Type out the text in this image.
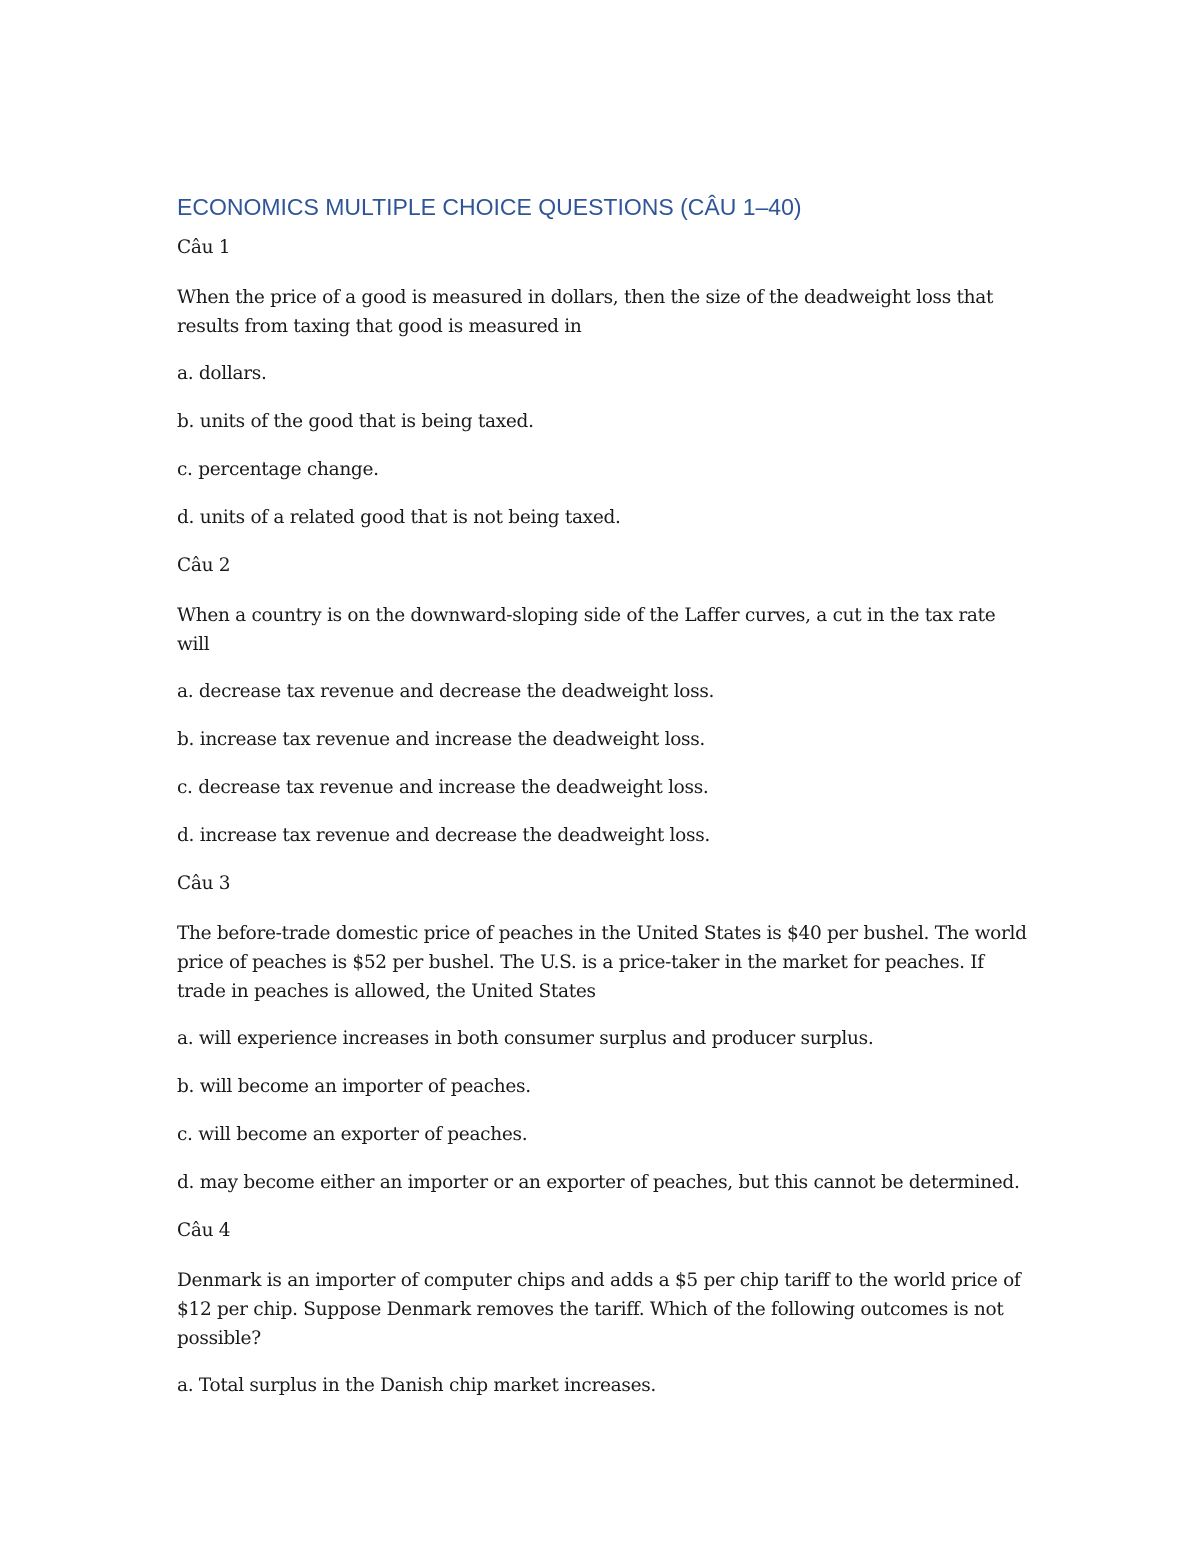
ECONOMICS MULTIPLE CHOICE QUESTIONS (CÂU 1–40)

Câu 1

When the price of a good is measured in dollars, then the size of the deadweight loss that results from taxing that good is measured in

a. dollars.

b. units of the good that is being taxed.

c. percentage change.

d. units of a related good that is not being taxed.

Câu 2

When a country is on the downward-sloping side of the Laffer curves, a cut in the tax rate will

a. decrease tax revenue and decrease the deadweight loss.

b. increase tax revenue and increase the deadweight loss.

c. decrease tax revenue and increase the deadweight loss.

d. increase tax revenue and decrease the deadweight loss.

Câu 3

The before-trade domestic price of peaches in the United States is $40 per bushel. The world price of peaches is $52 per bushel. The U.S. is a price-taker in the market for peaches. If trade in peaches is allowed, the United States

a. will experience increases in both consumer surplus and producer surplus.

b. will become an importer of peaches.

c. will become an exporter of peaches.

d. may become either an importer or an exporter of peaches, but this cannot be determined.

Câu 4

Denmark is an importer of computer chips and adds a $5 per chip tariff to the world price of $12 per chip. Suppose Denmark removes the tariff. Which of the following outcomes is not possible?

a. Total surplus in the Danish chip market increases.
